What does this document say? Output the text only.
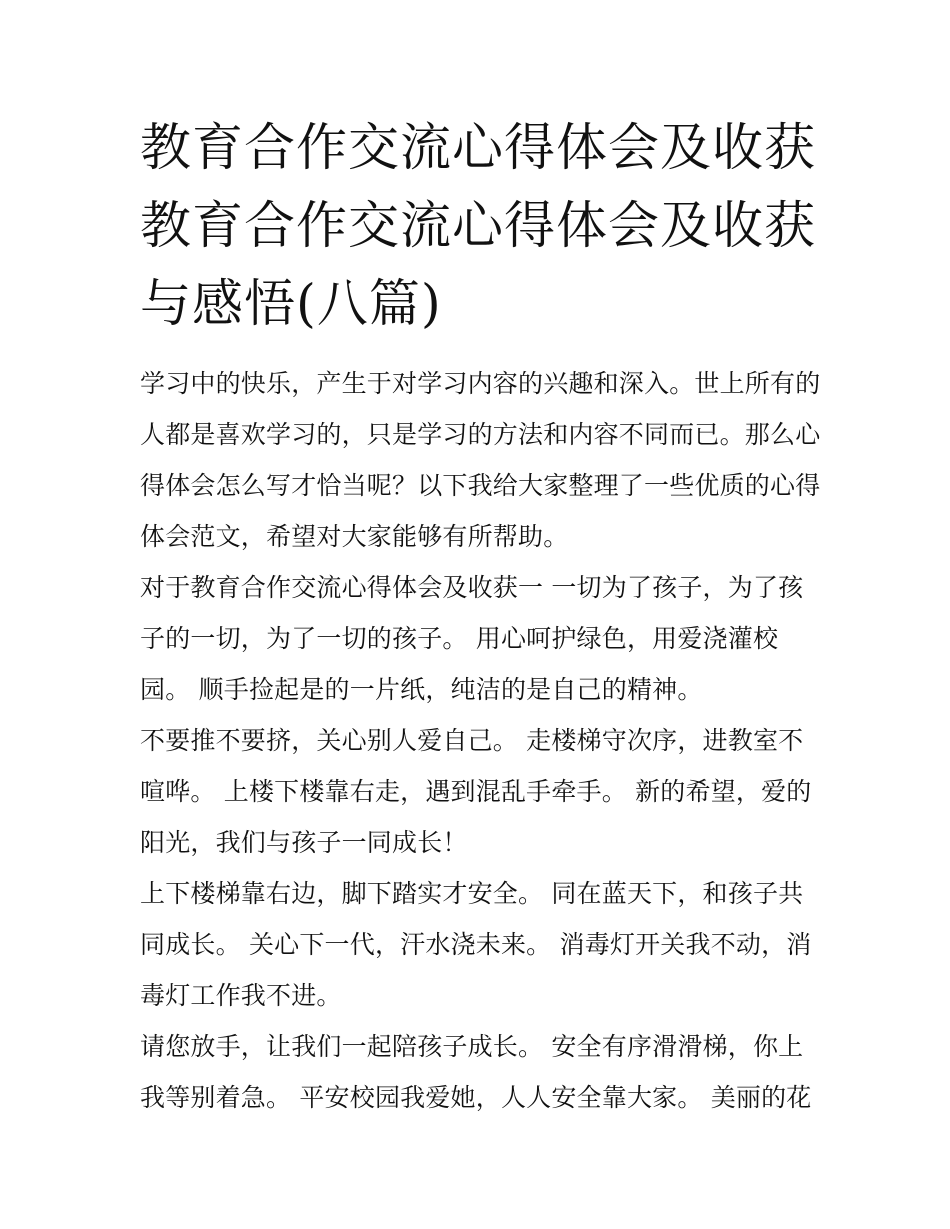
教育合作交流心得体会及收获
教育合作交流心得体会及收获
与感悟(八篇)
学习中的快乐，产生于对学习内容的兴趣和深入。世上所有的
人都是喜欢学习的，只是学习的方法和内容不同而已。那么心
得体会怎么写才恰当呢？以下我给大家整理了一些优质的心得
体会范文，希望对大家能够有所帮助。
对于教育合作交流心得体会及收获一 一切为了孩子，为了孩
子的一切，为了一切的孩子。 用心呵护绿色，用爱浇灌校
园。 顺手捡起是的一片纸，纯洁的是自己的精神。
不要推不要挤，关心别人爱自己。 走楼梯守次序，进教室不
喧哗。 上楼下楼靠右走，遇到混乱手牵手。 新的希望，爱的
阳光，我们与孩子一同成长！
上下楼梯靠右边，脚下踏实才安全。 同在蓝天下，和孩子共
同成长。 关心下一代，汗水浇未来。 消毒灯开关我不动，消
毒灯工作我不进。
请您放手，让我们一起陪孩子成长。 安全有序滑滑梯，你上
我等别着急。 平安校园我爱她，人人安全靠大家。 美丽的花
